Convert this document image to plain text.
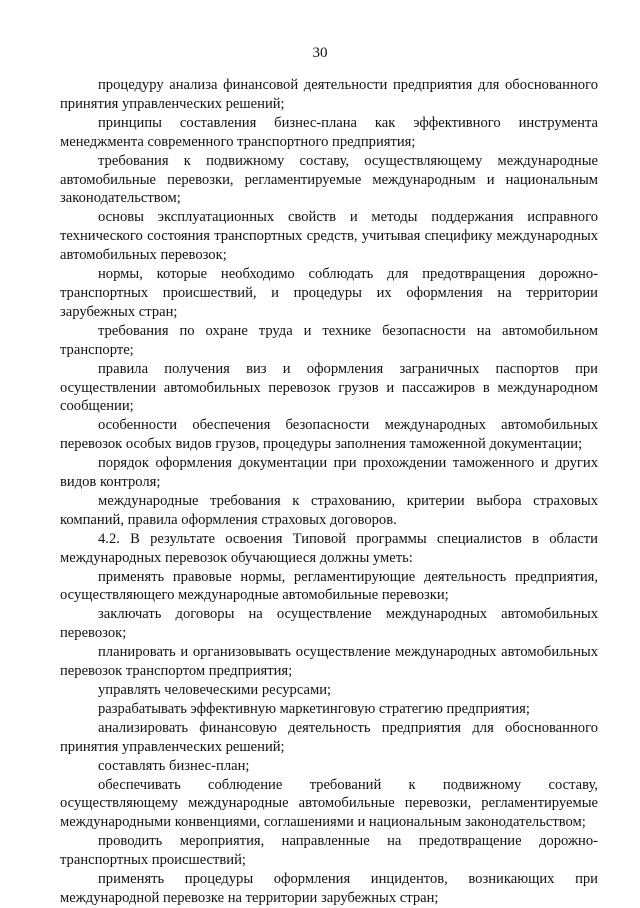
30

процедуру анализа финансовой деятельности предприятия для обоснованного принятия управленческих решений;

принципы составления бизнес-плана как эффективного инструмента менеджмента современного транспортного предприятия;

требования к подвижному составу, осуществляющему международные автомобильные перевозки, регламентируемые международным и национальным законодательством;

основы эксплуатационных свойств и методы поддержания исправного технического состояния транспортных средств, учитывая специфику международных автомобильных перевозок;

нормы, которые необходимо соблюдать для предотвращения дорожно-транспортных происшествий, и процедуры их оформления на территории зарубежных стран;

требования по охране труда и технике безопасности на автомобильном транспорте;

правила получения виз и оформления заграничных паспортов при осуществлении автомобильных перевозок грузов и пассажиров в международном сообщении;

особенности обеспечения безопасности международных автомобильных перевозок особых видов грузов, процедуры заполнения таможенной документации;

порядок оформления документации при прохождении таможенного и других видов контроля;

международные требования к страхованию, критерии выбора страховых компаний, правила оформления страховых договоров.

4.2. В результате освоения Типовой программы специалистов в области международных перевозок обучающиеся должны уметь:

применять правовые нормы, регламентирующие деятельность предприятия, осуществляющего международные автомобильные перевозки;

заключать договоры на осуществление международных автомобильных перевозок;

планировать и организовывать осуществление международных автомобильных перевозок транспортом предприятия;

управлять человеческими ресурсами;

разрабатывать эффективную маркетинговую стратегию предприятия;

анализировать финансовую деятельность предприятия для обоснованного принятия управленческих решений;

составлять бизнес-план;

обеспечивать соблюдение требований к подвижному составу, осуществляющему международные автомобильные перевозки, регламентируемые международными конвенциями, соглашениями и национальным законодательством;

проводить мероприятия, направленные на предотвращение дорожно-транспортных происшествий;

применять процедуры оформления инцидентов, возникающих при международной перевозке на территории зарубежных стран;
